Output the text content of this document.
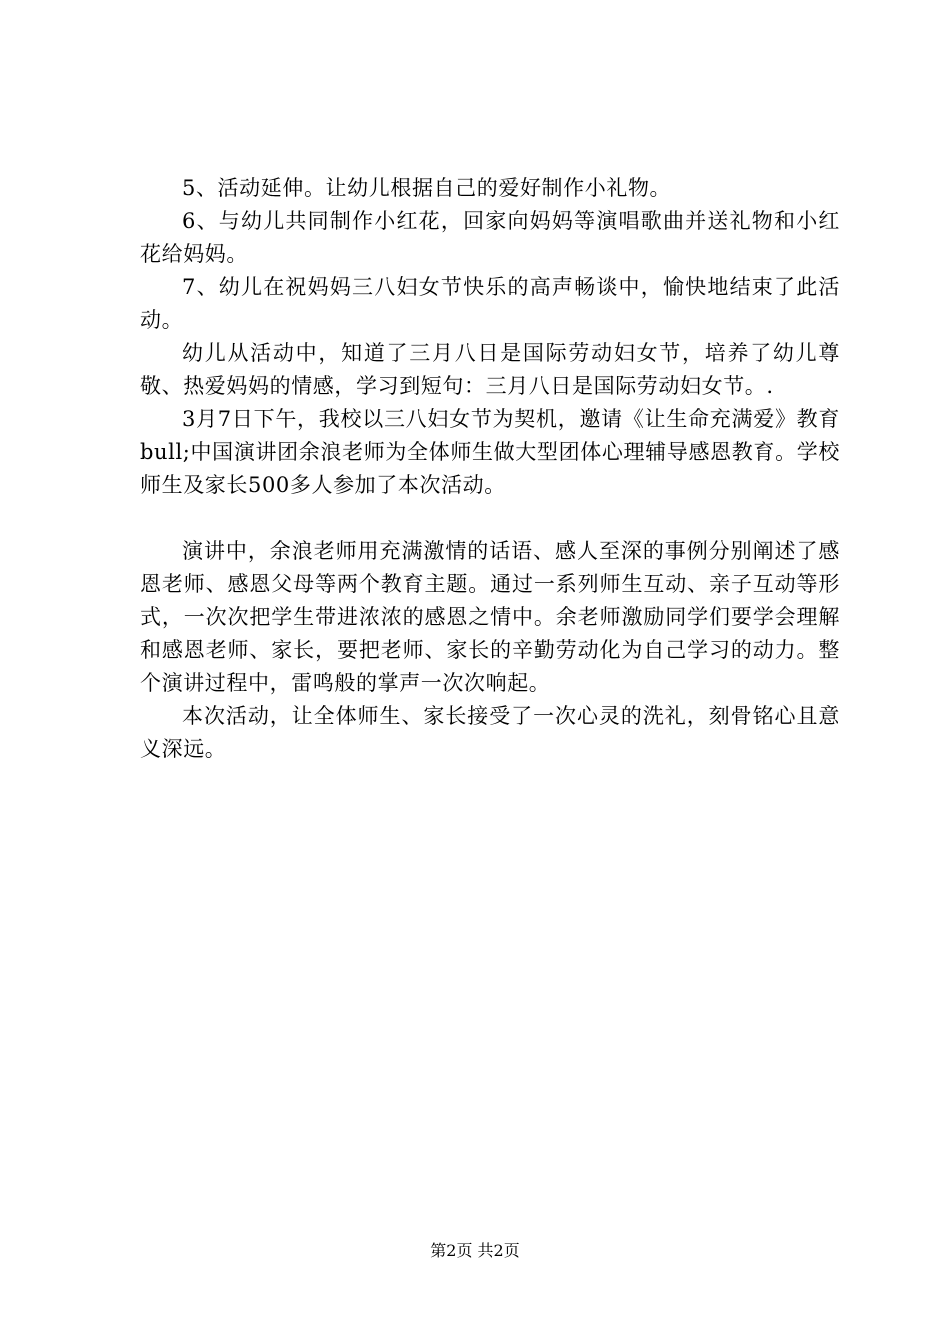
5、活动延伸。让幼儿根据自己的爱好制作小礼物。

6、与幼儿共同制作小红花，回家向妈妈等演唱歌曲并送礼物和小红花给妈妈。

7、幼儿在祝妈妈三八妇女节快乐的高声畅谈中，愉快地结束了此活动。

幼儿从活动中，知道了三月八日是国际劳动妇女节，培养了幼儿尊敬、热爱妈妈的情感，学习到短句：三月八日是国际劳动妇女节。.

3月7日下午，我校以三八妇女节为契机，邀请《让生命充满爱》教育bull;中国演讲团余浪老师为全体师生做大型团体心理辅导感恩教育。学校师生及家长500多人参加了本次活动。

演讲中，余浪老师用充满激情的话语、感人至深的事例分别阐述了感恩老师、感恩父母等两个教育主题。通过一系列师生互动、亲子互动等形式，一次次把学生带进浓浓的感恩之情中。余老师激励同学们要学会理解和感恩老师、家长，要把老师、家长的辛勤劳动化为自己学习的动力。整个演讲过程中，雷鸣般的掌声一次次响起。

本次活动，让全体师生、家长接受了一次心灵的洗礼，刻骨铭心且意义深远。

第2页 共2页
